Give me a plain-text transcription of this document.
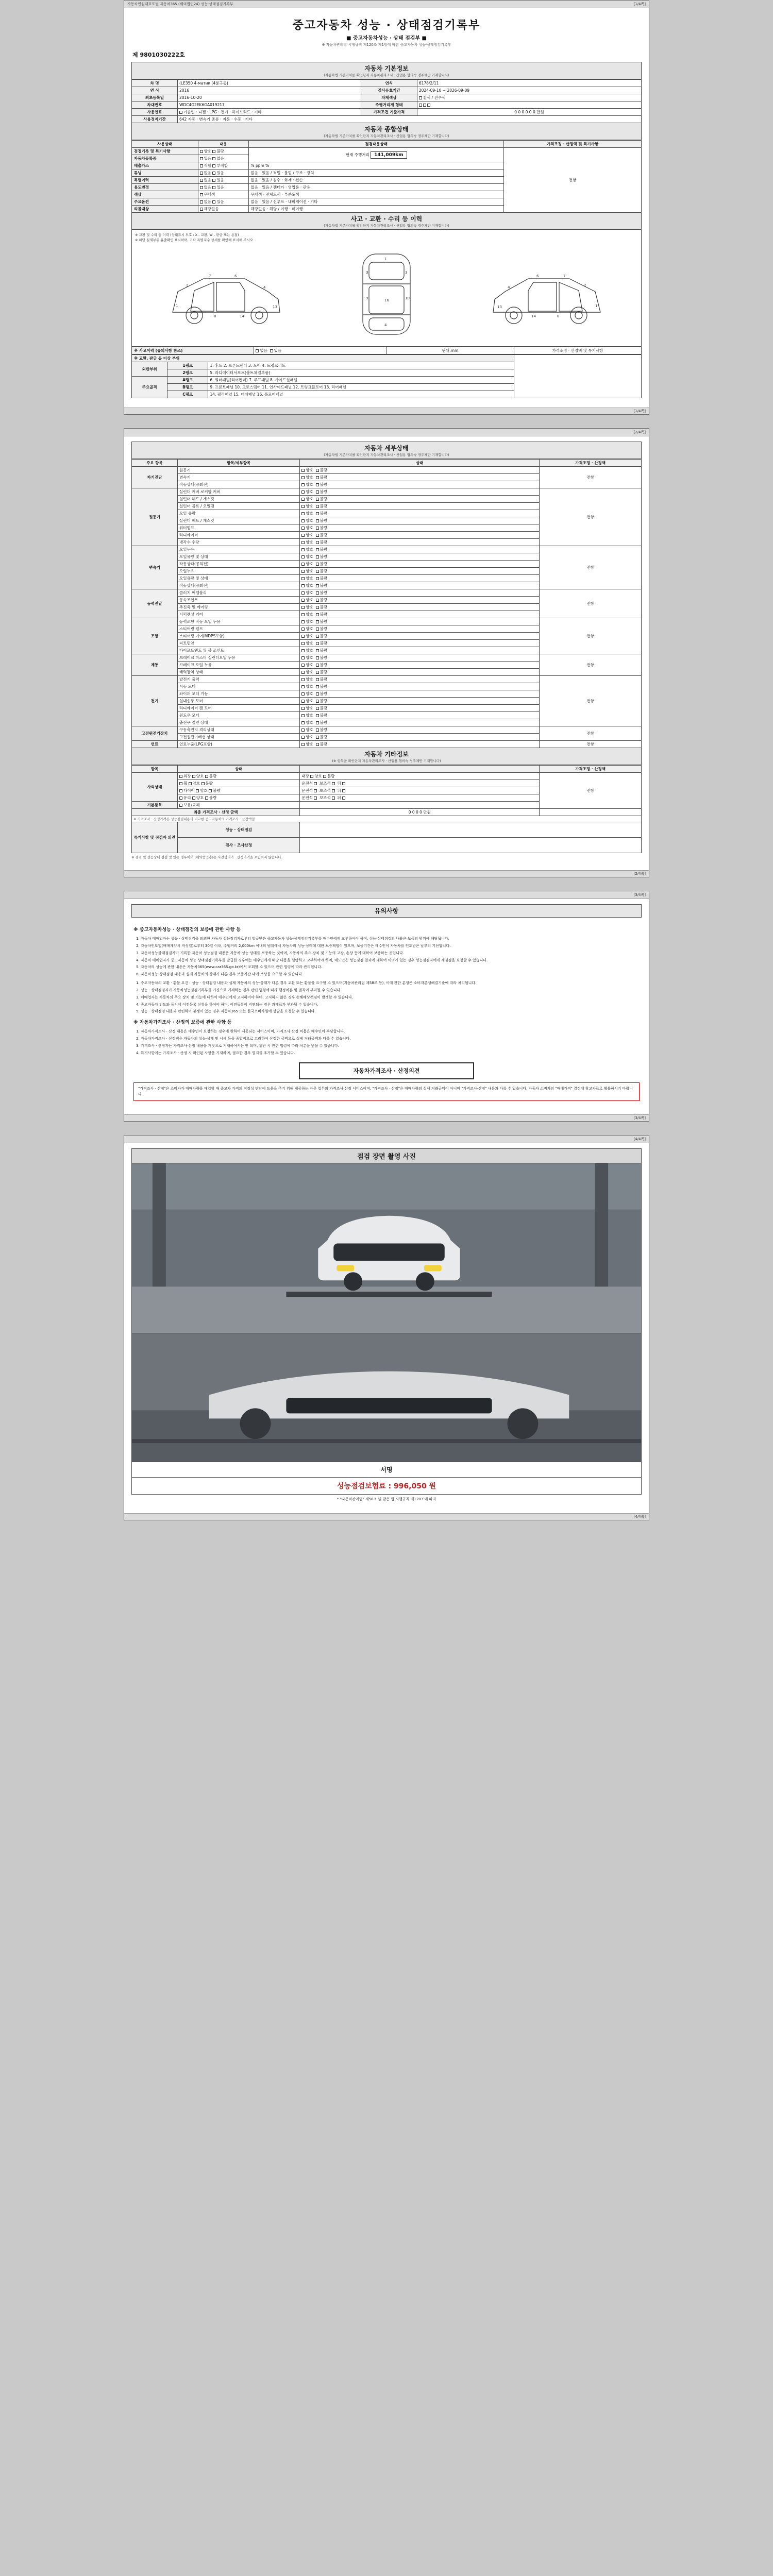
자동차민원대표포털 자동차365 (해외법인24) 성능·상태점검기록부	[1/4쪽]
중고자동차 성능 · 상태점검기록부
■ 중고자동차성능 · 상태 점검부 ■
※ 자동차관리법 시행규칙 제120조 제1항에 따른 중고자동차 성능·상태점검기록부
제 9801030222호
자동차 기본정보
(자동차법 기준가치를 확인단지 자동차관리조사 · 산업용 협의숙 경주체만 기재합니다)
차 명	(LE350 4-матик (4륜구동)	연식	6178/2/11
연 식	2016	검사유효기간	2024-09-10 ~ 2026-09-09
최초등록일	2016-10-20	차체색상	흰색 / 진주색
차대번호	WDC4G2EK6GA019217	주행거리계 형태	
사용연료	가솔린 · 디젤 · LPG · 전기 · 하이브리드 · 기타	가격조건 기준가격	0 0 0 0 0 0 만원
사용정지기간	642 자동 · 변속기 종류 · 자동 · 수동 · 기타		
자동차 종합상태
(자동차법 기준가치를 확인단지 자동차관리조사 · 산업용 협의숙 경주체만 기재합니다)
사용상태	내용	점검내용상태	가격조정 · 산정액 및 특기사항
검정기록 및 특기사항	양호 불량	현재 주행거리 141,009km	전항

자동차등록증	있음 없음		
배출가스	적합 부적합	% ppm %	
튜닝	없음 있음	없음 · 있음 / 적법 · 불법 / 구조 · 장치	
특별이력	없음 있음	없음 · 있음 / 침수 · 화재 · 전손	
용도변경	없음 있음	없음 · 있음 / 렌터카 · 영업용 · 관용	
색상	무채색	무채색 · 전체도색 · 부분도색	
주요옵션	없음 있음	없음 · 있음 / 선루프 · 내비게이션 · 기타	
리콜대상	해당없음	해당없음 · 해당 / 이행 · 미이행	
사고 · 교환 · 수리 등 이력
(자동차법 기준가치를 확인단지 자동차관리조사 · 산업용 협의숙 경주체만 기재합니다)
※ 교환 및 수리 등 이력 (상태표시 부호 : X - 교환, W - 판금 또는 용접)
※ 하단 실제부위 유출확인 표시하며, 기타 특별지수 상세를 확인해 표시해 주시오
1
2
7	6
4
13
8	14
1
3	3
16
4
9	10
1
2
7
6
4
13
8
14
※ 사고이력 (유의사항 참조)	없음 있음	단위:mm	가격조정 · 산정액 및 특기사항
※ 교환, 판금 등 이상 부위			
외판부위	1랭크	1. 후드 2. 프론트펜더 3. 도어 4. 트렁크리드	
	2랭크	5. 라디에이터서포트(볼트체결부품)	
주요골격	A랭크	6. 쿼터패널(리어펜더) 7. 루프패널 8. 사이드실패널	
	B랭크	9. 프론트패널 10. 크로스멤버 11. 인사이드패널 12. 트렁크플로어 13. 리어패널	
	C랭크	14. 필러패널 15. 대쉬패널 16. 플로어패널	
[1/4쪽]

[2/4쪽]
자동차 세부상태
(자동차법 기준가치를 확인단지 자동차관리조사 · 산업용 협의숙 경주체만 기재합니다)
주요 항목	항목/세부항목	상태	가격조정 · 산정액
자기진단	원동기	양호  불량	전항
	변속기	양호  불량	
	작동상태(공회전)	양호  불량	
원동기	실린더 커버 로커암 커버	양호  불량	전항
	실린더 헤드 / 개스킷	양호  불량	
	실린더 블록 / 오일팬	양호  불량	
	오일 유량	양호  불량	
	실린더 헤드 / 개스킷	양호  불량	
	워터펌프	양호  불량	
	라디에이터	양호  불량	
	냉각수 수량	양호  불량	
변속기	오일누유	양호  불량	전항
	오일유량 및 상태	양호  불량	
	작동상태(공회전)	양호  불량	
	오일누유	양호  불량	
	오일유량 및 상태	양호  불량	
	작동상태(공회전)	양호  불량	
동력전달	클러치 어셈블리	양호  불량	전항
	등속조인트	양호  불량	
	추진축 및 베어링	양호  불량	
	디퍼렌셜 기어	양호  불량	
조향	동력조향 작동 오일 누유	양호  불량	전항
	스티어링 펌프	양호  불량	
	스티어링 기어(MDPS포함)	양호  불량	
	피트먼암	양호  불량	
	타이로드엔드 및 볼 조인트	양호  불량	
제동	브레이크 마스터 실린더오일 누유	양호  불량	전항
	브레이크 오일 누유	양호  불량	
	배력장치 상태	양호  불량	
전기	발전기 출력	양호  불량	전항
	시동 모터	양호  불량	
	와이퍼 모터 기능	양호  불량	
	실내송풍 모터	양호  불량	
	라디에이터 팬 모터	양호  불량	
	윈도우 모터	양호  불량	
	충전구 절연 상태	양호  불량	
고전원전기장치	구동축전지 격리상태	양호  불량	전항
	고전원전기배선 상태	양호  불량	
연료	연료누출(LPG포함)	양호  불량	전항
자동차 기타정보
(※ 항목을 확인단지 자동차관리조사 · 산업용 협의숙 경주체만 기재합니다)
항목	상태		가격조정 · 산정액
사외상태	외장 양호 불량	내장 양호 불량	전항
	휠 양호 불량	운전석  보조석  뒤	
	타이어 양호 불량	운전석  보조석  뒤	
	유리 양호 불량	운전석  보조석  뒤	
기본품목	보유/교체		
최종 가격조사 · 산정 금액		0 0 0 0 만원	
※ 가격조사 · 산정가격은 성능점검내용과 비교한 중고자동차의 가격조사 · 산정액임			
특기사항 및 점검자 의견	성능 · 상태점검		
	검사 · 조사산정		
※ 점검 및 성능상태 점검 및 있는 경우이며 (해외법인용)는 사전합의가 · 산정가격을 포함하지 않습니다.
[2/4쪽]

[3/4쪽]
유의사항
※ 중고자동차성능 · 상태점검의 보증에 관한 사항 등
1. 자동차 매매업자는 성능 · 상태점검을 의뢰한 자동차 성능점검자로부터 발급받은 중고자동차 성능·상태점검기록부를 매수인에게 교부하여야 하며, 성능·상태점검의 내용은 보증의 범위에 해당됩니다.
2. 자동차인도일(매매계약서 작성일)로부터 30일 이내, 주행거리 2,000km 이내의 범위에서 자동차의 성능·상태에 대한 보증책임이 있으며, 보증기간은 매수인이 자동차를 인도받은 날부터 기산합니다.
3. 자동차성능상태점검자가 기록한 자동차 성능점검 내용은 자동차 성능·상태를 보증하는 것이며, 자동차의 주요 장치 및 기능의 고장, 손상 등에 대하여 보증하는 것입니다.
4. 자동차 매매업자가 중고자동차 성능·상태점검기록부를 발급한 경우에는 매수인에게 해당 내용을 설명하고 교부하여야 하며, 매도인은 성능점검 결과에 대하여 이의가 있는 경우 성능점검자에게 재점검을 요청할 수 있습니다.
5. 자동차의 성능에 관한 내용은 자동차365(www.car365.go.kr)에서 조회할 수 있으며 관련 법령에 따라 관리됩니다.
6. 자동차성능·상태점검 내용과 실제 자동차의 상태가 다른 경우 보증기간 내에 보상을 요구할 수 있습니다.
1. 중고자동차의 교환 · 환불 요건 : 성능 · 상태점검 내용과 실제 자동차의 성능·상태가 다른 경우 교환 또는 환불을 요구할 수 있으며(자동차관리법 제58조 등), 이에 관한 분쟁은 소비자분쟁해결기준에 따라 처리됩니다.
2. 성능 · 상태점검자가 자동차성능점검기록부를 거짓으로 기재하는 경우 관련 법령에 따라 행정처분 및 벌칙이 부과될 수 있습니다.
3. 매매업자는 자동차의 주요 장치 및 기능에 대하여 매수인에게 고지하여야 하며, 고지하지 않은 경우 손해배상책임이 발생할 수 있습니다.
4. 중고자동차 인도와 동시에 이전등록 신청을 하여야 하며, 이전등록이 지연되는 경우 과태료가 부과될 수 있습니다.
5. 성능 · 상태점검 내용과 관련하여 분쟁이 있는 경우 자동차365 또는 한국소비자원에 상담을 요청할 수 있습니다.
※ 자동차가격조사 · 산정의 보증에 관한 사항 등
1. 자동차가격조사 · 산정 내용은 매수인이 요청하는 경우에 한하여 제공되는 서비스이며, 가격조사·산정 비용은 매수인이 부담합니다.
2. 자동차가격조사 · 산정액은 자동차의 성능·상태 및 시세 등을 종합적으로 고려하여 산정한 금액으로 실제 거래금액과 다를 수 있습니다.
3. 가격조사 · 산정자는 가격조사·산정 내용을 거짓으로 기재하여서는 안 되며, 위반 시 관련 법령에 따라 처분을 받을 수 있습니다.
4. 특기사항에는 가격조사 · 산정 시 확인된 사항을 기재하며, 필요한 경우 별지를 추가할 수 있습니다.
자동차가격조사 · 산정의견
"가격조사 · 산정"은 소비자가 매매차량을 매입할 때 중고차 가격의 적정성 판단에 도움을 주기 위해 제공하는 자문 업무의 가격조사·산정 서비스이며, "가격조사 · 산정"은 매매차량의 실제 거래금액이 아니며 "가격조사·산정" 내용과 다를 수 있습니다. 자동차 소비자의 "매매가격" 결정에 참고자료로 활용하시기 바랍니다.
[3/4쪽]

[4/4쪽]
점검 장면 촬영 사진
서명
성능점검보험료 : 996,050 원
* "자동차관리법" 제58조 및 같은 법 시행규칙 제120조에 따라
[4/4쪽]
